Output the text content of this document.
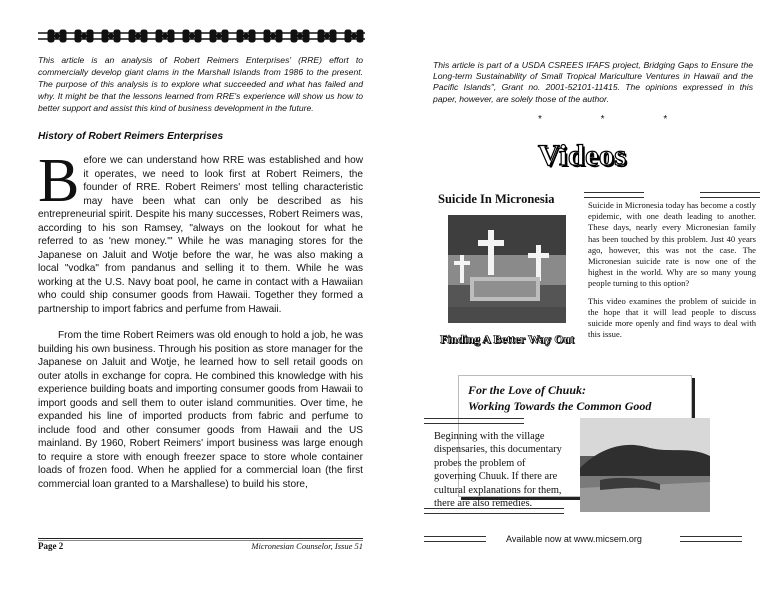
This article is an analysis of Robert Reimers Enterprises' (RRE) effort to commercially develop giant clams in the Marshall Islands from 1986 to the present. The purpose of this analysis is to explore what succeeded and what has failed and why. It might be that the lessons learned from RRE's experience will show us how to better support and assist this kind of business development in the future.
History of Robert Reimers Enterprises
Before we can understand how RRE was established and how it operates, we need to look first at Robert Reimers, the founder of RRE. Robert Reimers' most telling characteristic may have been what can only be described as his entrepreneurial spirit. Despite his many successes, Robert Reimers was, according to his son Ramsey, "always on the lookout for what he referred to as 'new money.'" While he was managing stores for the Japanese on Jaluit and Wotje before the war, he was also making a local "vodka" from pandanus and selling it to them. While he was working at the U.S. Navy boat pool, he came in contact with a Hawaiian who could ship consumer goods from Hawaii. Together they formed a partnership to import fabrics and perfume from Hawaii.
From the time Robert Reimers was old enough to hold a job, he was building his own business. Through his position as store manager for the Japanese on Jaluit and Wotje, he learned how to sell retail goods on outer atolls in exchange for copra. He combined this knowledge with his experience building boats and importing consumer goods from Hawaii to import goods and sell them to outer island communities. Over time, he expanded his line of imported products from fabric and perfume to include food and other consumer goods from Hawaii and the US mainland. By 1960, Robert Reimers' import business was large enough to require a store with enough freezer space to store whole container loads of frozen food. When he applied for a commercial loan (the first commercial loan granted to a Marshallese) to build his store,
Page 2	Micronesian Counselor, Issue 51
This article is part of a USDA CSREES IFAFS project, Bridging Gaps to Ensure the Long-term Sustainability of Small Tropical Mariculture Ventures in Hawaii and the Pacific Islands", Grant no. 2001-52101-11415. The opinions expressed in this paper, however, are solely those of the author.
* * *
Videos
Suicide In Micronesia
Finding A Better Way Out

Suicide in Micronesia today has become a costly epidemic, with one death leading to another. These days, nearly every Micronesian family has been touched by this problem. Just 40 years ago, however, this was not the case. The Micronesian suicide rate is now one of the highest in the world. Why are so many young people turning to this option?

This video examines the problem of suicide in the hope that it will lead people to discuss suicide more openly and find ways to deal with this issue.

For the Love of Chuuk:
Working Towards the Common Good
Beginning with the village dispensaries, this documentary probes the problem of governing Chuuk. If there are cultural explanations for them, there are also remedies.
Available now at www.micsem.org
